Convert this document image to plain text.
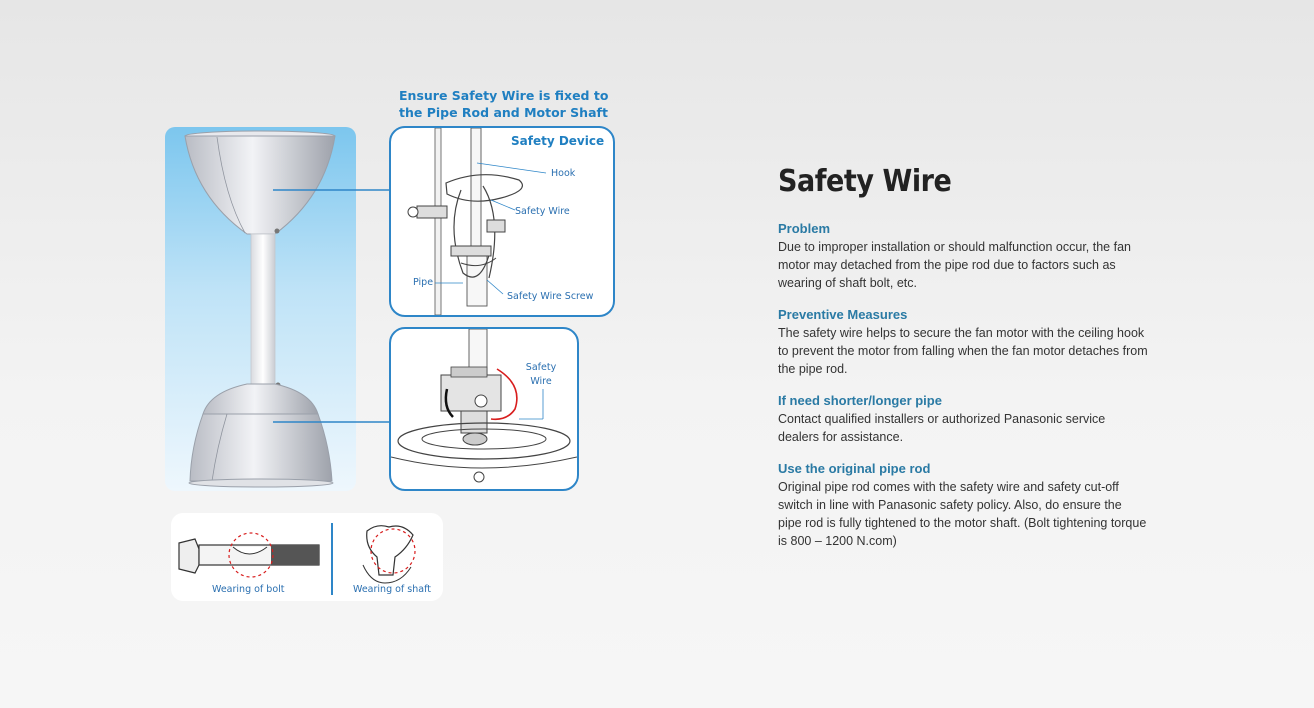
Ensure Safety Wire is fixed to
the Pipe Rod and Motor Shaft
Safety Device
Hook
Safety Wire
Pipe
Safety Wire Screw
Safety
Wire
Wearing of bolt	Wearing of shaft
Safety Wire

Problem

Due to improper installation or should malfunction occur, the fan motor may detached from the pipe rod due to factors such as wearing of shaft bolt, etc.

Preventive Measures

The safety wire helps to secure the fan motor with the ceiling hook to prevent the motor from falling when the fan motor detaches from the pipe rod.

If need shorter/longer pipe

Contact qualified installers or authorized Panasonic service dealers for assistance.

Use the original pipe rod

Original pipe rod comes with the safety wire and safety cut-off switch in line with Panasonic safety policy. Also, do ensure the pipe rod is fully tightened to the motor shaft. (Bolt tightening torque is 800 – 1200 N.com)
